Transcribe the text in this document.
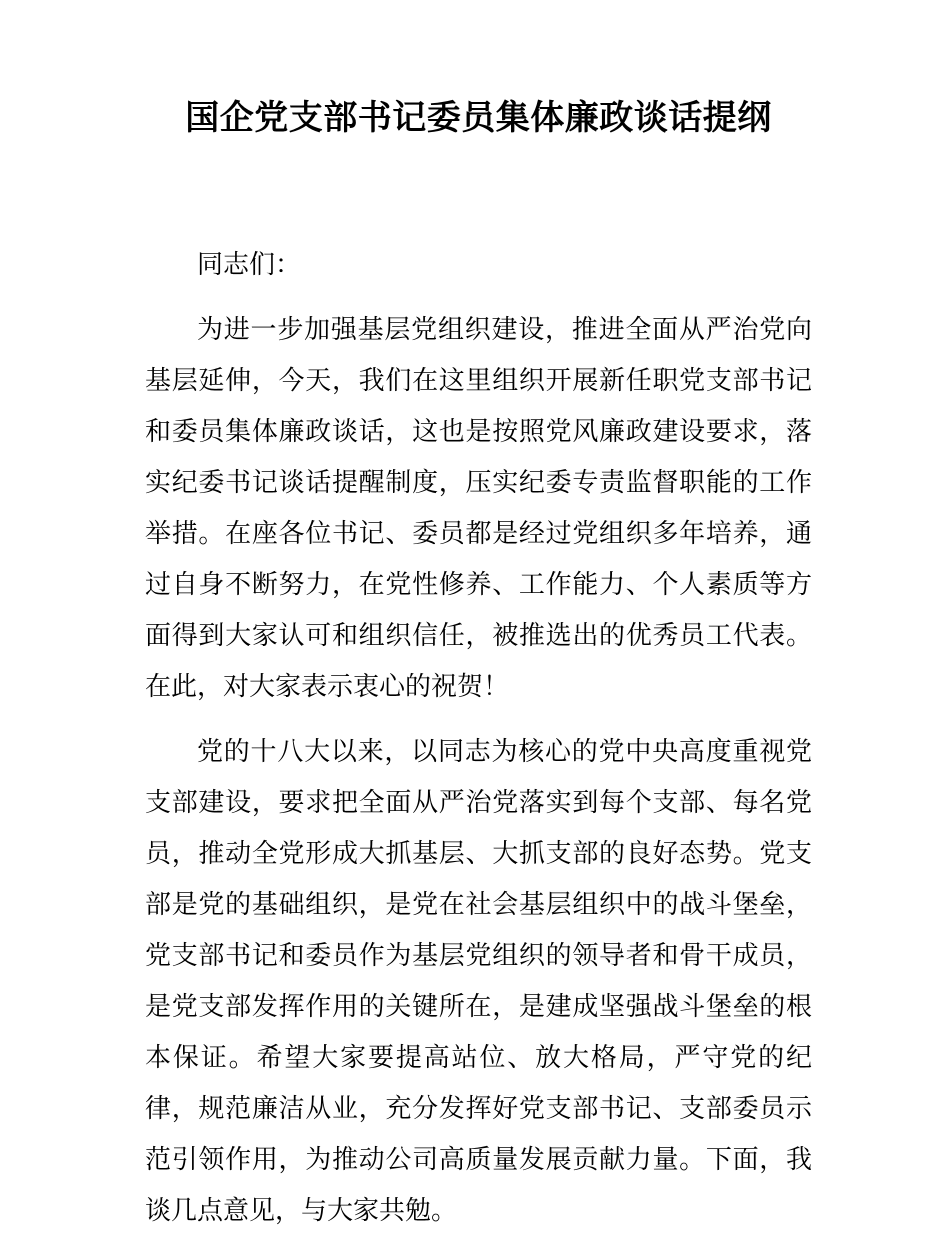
国企党支部书记委员集体廉政谈话提纲

同志们：

为进一步加强基层党组织建设，推进全面从严治党向基层延伸，今天，我们在这里组织开展新任职党支部书记和委员集体廉政谈话，这也是按照党风廉政建设要求，落实纪委书记谈话提醒制度，压实纪委专责监督职能的工作举措。在座各位书记、委员都是经过党组织多年培养，通过自身不断努力，在党性修养、工作能力、个人素质等方面得到大家认可和组织信任，被推选出的优秀员工代表。在此，对大家表示衷心的祝贺！

党的十八大以来，以同志为核心的党中央高度重视党支部建设，要求把全面从严治党落实到每个支部、每名党员，推动全党形成大抓基层、大抓支部的良好态势。党支部是党的基础组织，是党在社会基层组织中的战斗堡垒，党支部书记和委员作为基层党组织的领导者和骨干成员，是党支部发挥作用的关键所在，是建成坚强战斗堡垒的根本保证。希望大家要提高站位、放大格局，严守党的纪律，规范廉洁从业，充分发挥好党支部书记、支部委员示范引领作用，为推动公司高质量发展贡献力量。下面，我谈几点意见，与大家共勉。
